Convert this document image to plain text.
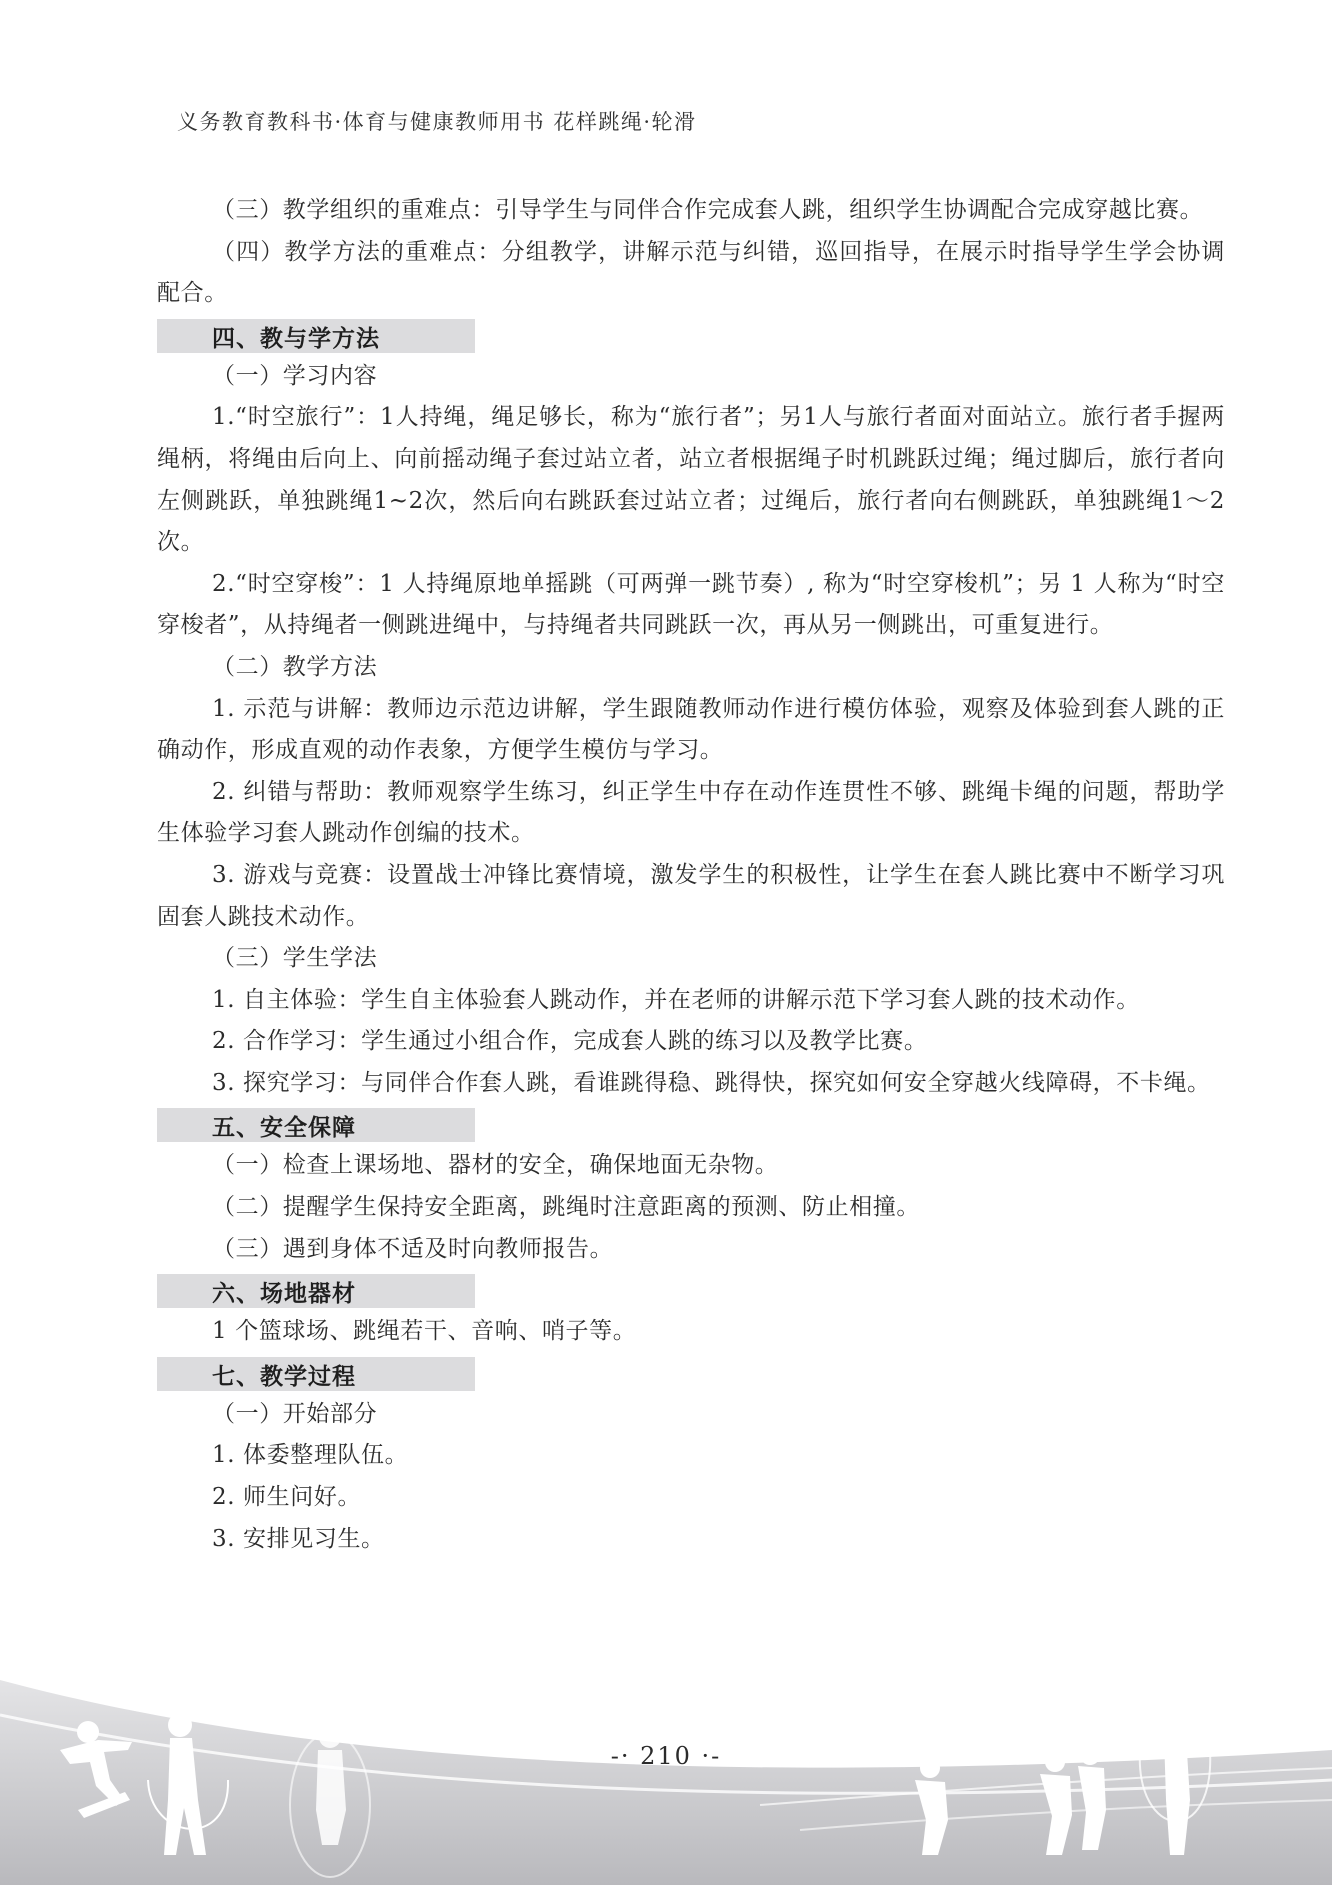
义务教育教科书·体育与健康教师用书 花样跳绳·轮滑

（三）教学组织的重难点：引导学生与同伴合作完成套人跳，组织学生协调配合完成穿越比赛。

（四）教学方法的重难点：分组教学，讲解示范与纠错，巡回指导，在展示时指导学生学会协调配合。

四、教与学方法

（一）学习内容

1.“时空旅行”：1人持绳，绳足够长，称为“旅行者”；另1人与旅行者面对面站立。旅行者手握两绳柄，将绳由后向上、向前摇动绳子套过站立者，站立者根据绳子时机跳跃过绳；绳过脚后，旅行者向左侧跳跃，单独跳绳1~2次，然后向右跳跃套过站立者；过绳后，旅行者向右侧跳跃，单独跳绳1～2次。

2.“时空穿梭”：1 人持绳原地单摇跳（可两弹一跳节奏）, 称为“时空穿梭机”；另 1 人称为“时空穿梭者”，从持绳者一侧跳进绳中，与持绳者共同跳跃一次，再从另一侧跳出，可重复进行。

（二）教学方法

1. 示范与讲解：教师边示范边讲解，学生跟随教师动作进行模仿体验，观察及体验到套人跳的正确动作，形成直观的动作表象，方便学生模仿与学习。

2. 纠错与帮助：教师观察学生练习，纠正学生中存在动作连贯性不够、跳绳卡绳的问题，帮助学生体验学习套人跳动作创编的技术。

3. 游戏与竞赛：设置战士冲锋比赛情境，激发学生的积极性，让学生在套人跳比赛中不断学习巩固套人跳技术动作。

（三）学生学法

1. 自主体验：学生自主体验套人跳动作，并在老师的讲解示范下学习套人跳的技术动作。

2. 合作学习：学生通过小组合作，完成套人跳的练习以及教学比赛。

3. 探究学习：与同伴合作套人跳，看谁跳得稳、跳得快，探究如何安全穿越火线障碍，不卡绳。

五、安全保障

（一）检查上课场地、器材的安全，确保地面无杂物。

（二）提醒学生保持安全距离，跳绳时注意距离的预测、防止相撞。

（三）遇到身体不适及时向教师报告。

六、场地器材

1 个篮球场、跳绳若干、音响、哨子等。

七、教学过程

（一）开始部分

1. 体委整理队伍。

2. 师生问好。

3. 安排见习生。

-· 210 ·-
